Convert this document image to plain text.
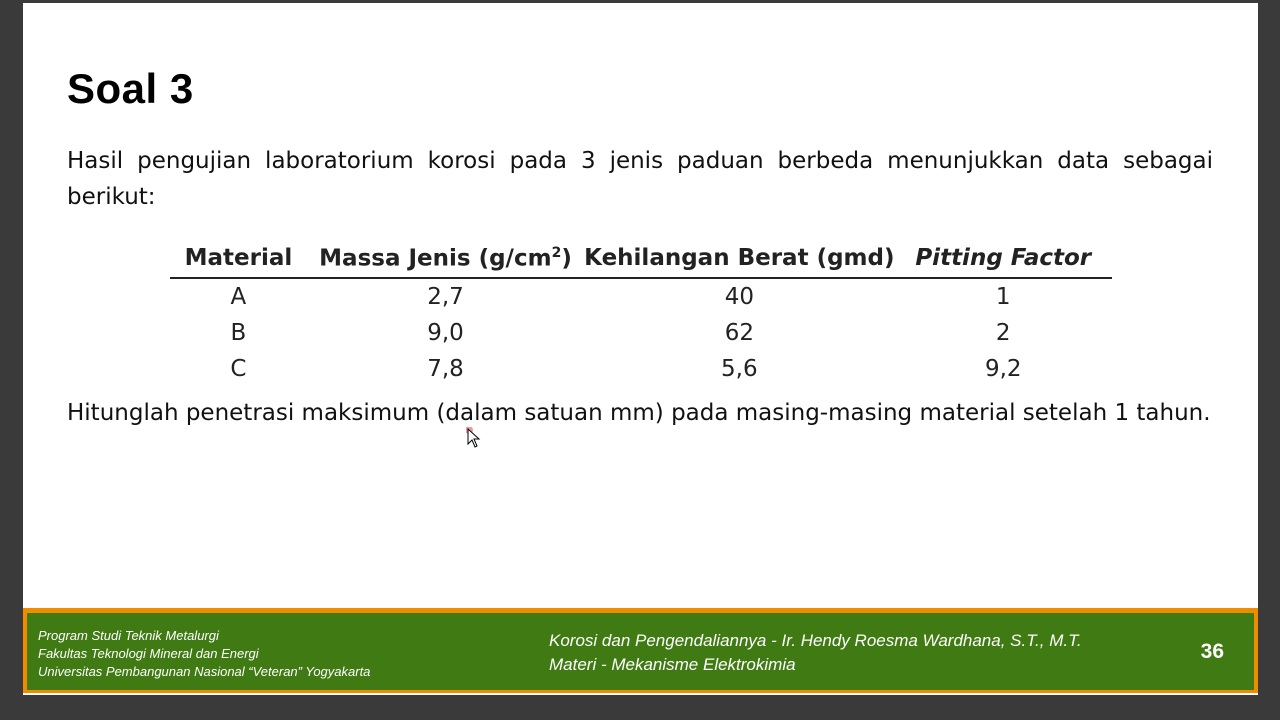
Soal 3

Hasil pengujian laboratorium korosi pada 3 jenis paduan berbeda menunjukkan data sebagai berikut:

Material	Massa Jenis $(g/cm^2)$	Kehilangan Berat (gmd)	Pitting Factor
A	2,7	40	1
B	9,0	62	2
C	7,8	5,6	9,2

Hitunglah penetrasi maksimum (dalam satuan mm) pada masing-masing material setelah 1 tahun.

Program Studi Teknik Metalurgi
Fakultas Teknologi Mineral dan Energi
Universitas Pembangunan Nasional “Veteran” Yogyakarta
Korosi dan Pengendaliannya - Ir. Hendy Roesma Wardhana, S.T., M.T.
Materi - Mekanisme Elektrokimia
36
